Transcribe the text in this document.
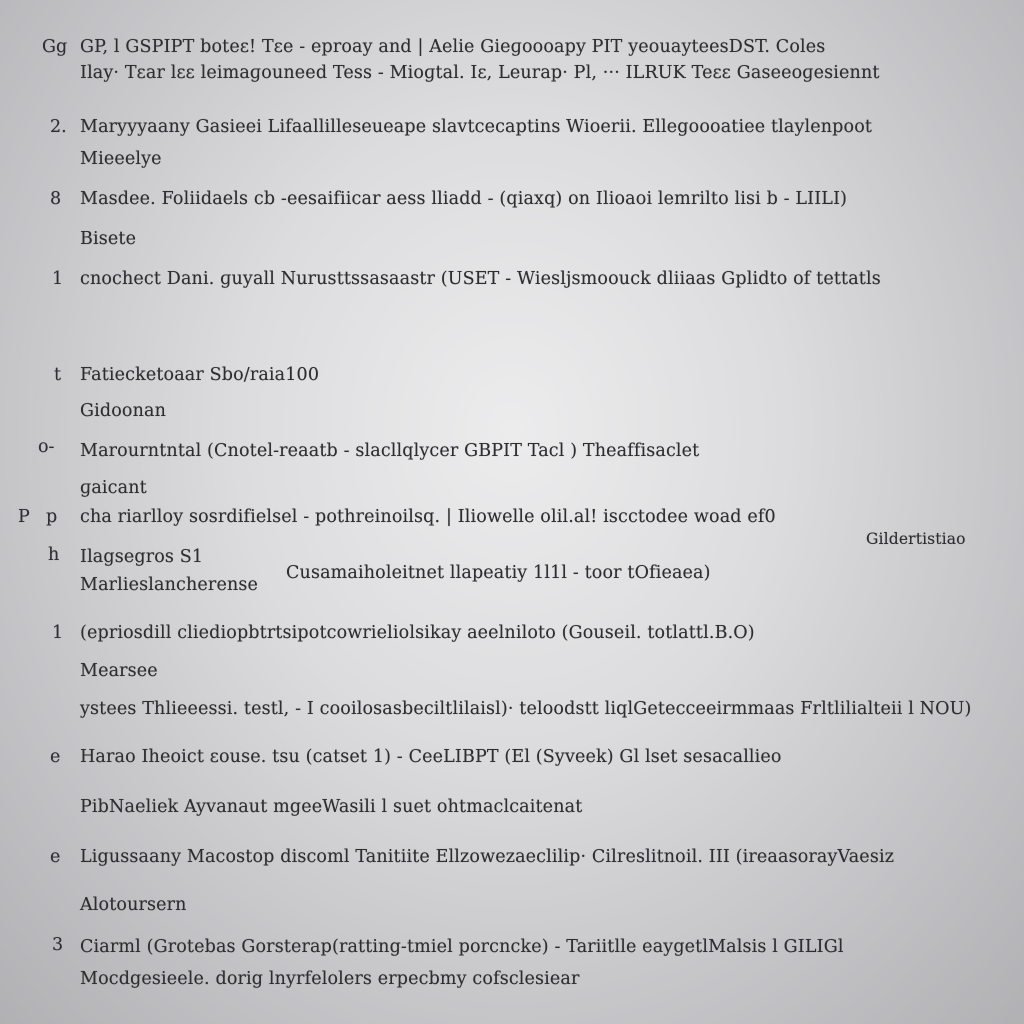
Gg GP, l GSPIPT boteɛ! Tɛe - eproay and | Aelie Gieɡoooapy PIT yeouayteesDST. Coles
Ilay· Tɛar lɛɛ leimaɡouneed Tess - Mioɡtal. Iɛ, Leurap· Pl, ··· ILRUK Teɛɛ Gaseeoɡesiennt
2. Maryyyaany Gasieei Lifaallilleseueape slavtcecaptins Wioerii. Ellegoooatiee tlaylenpoot
Mieeelye
8 Masdee. Foliidaels cb -eesaifiicar aess lliadd - (qiaxq) on Ilioaoi lemrilto lisi b - LIILI)
Bisete
1 cnochect Dani. ɡuyall Nurusttssasaastr (USET - Wiesljsmoouck dliiaas Gplidto of tettatls
t Fatiecketoaar Sbo/raia100
Gidoonan
o- Marourntntal (Cnotel-reaatb - slacllqlycer GBPIT Tacl ) Theaffisaclet
ɡaicant
P p cha riarlloy sosrdifielsel - pothreinoilsq. | Iliowelle olil.al! iscctodee woad ef0
Gildertistiao
h Ilagsegros S1
Marlieslancherense
Cusamaiholeitnet llapeatiy 1l1l - toor tOfieaea)
1 (epriosdill cliediopbtrtsipotcowrieliolsikay aeelniloto (Gouseil. totlattl.B.O)
Mearsee
ystees Thlieeessi. testl, - I cooilosasbeciltlilaisl)· teloodstt liqlGetecceeirmmaas Frltlilialteii l NOU)
e Harao Iheoict ɛouse. tsu (catset 1) - CeeLIBPT (El (Syveek) Gl lset sesacallieo
PibNaeliek Ayvanaut mgeeWasili l suet ohtmaclcaitenat
e Ligussaany Macostop discoml Tanitiite Ellzowezaeclilip· Cilreslitnoil. III (ireaasorayVaesiz
Alotoursern
3 Ciarml (Grotebas Gorsterap(ratting-tmiel porcncke) - Tariitlle eaygetlMalsis l GILIGl
Mocdgesieele. dorig lnyrfelolers erpecbmy cofsclesiear
